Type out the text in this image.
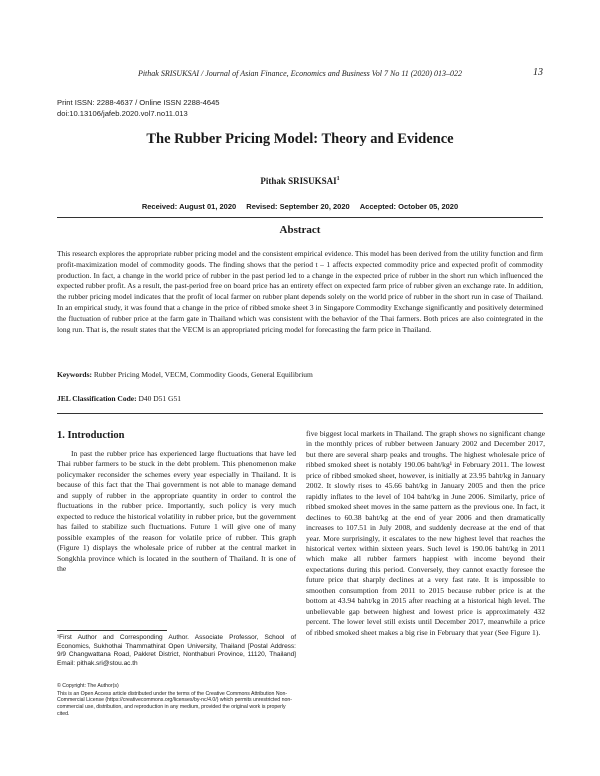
Pithak SRISUKSAI / Journal of Asian Finance, Economics and Business Vol 7 No 11 (2020) 013–022	13
Print ISSN: 2288-4637 / Online ISSN 2288-4645
doi:10.13106/jafeb.2020.vol7.no11.013
The Rubber Pricing Model: Theory and Evidence
Pithak SRISUKSAI$^1$
Received: August 01, 2020 Revised: September 20, 2020 Accepted: October 05, 2020
Abstract
This research explores the appropriate rubber pricing model and the consistent empirical evidence. This model has been derived from the utility function and firm profit-maximization model of commodity goods. The finding shows that the period t – 1 affects expected commodity price and expected profit of commodity production. In fact, a change in the world price of rubber in the past period led to a change in the expected price of rubber in the short run which influenced the expected rubber profit. As a result, the past-period free on board price has an entirety effect on expected farm price of rubber given an exchange rate. In addition, the rubber pricing model indicates that the profit of local farmer on rubber plant depends solely on the world price of rubber in the short run in case of Thailand. In an empirical study, it was found that a change in the price of ribbed smoke sheet 3 in Singapore Commodity Exchange significantly and positively determined the fluctuation of rubber price at the farm gate in Thailand which was consistent with the behavior of the Thai farmers. Both prices are also cointegrated in the long run. That is, the result states that the VECM is an appropriated pricing model for forecasting the farm price in Thailand.
Keywords: Rubber Pricing Model, VECM, Commodity Goods, General Equilibrium
JEL Classification Code: D40 D51 G51
1. Introduction

In past the rubber price has experienced large fluctuations that have led Thai rubber farmers to be stuck in the debt problem. This phenomenon make policymaker reconsider the schemes every year especially in Thailand. It is because of this fact that the Thai government is not able to manage demand and supply of rubber in the appropriate quantity in order to control the fluctuations in the rubber price. Importantly, such policy is very much expected to reduce the historical volatility in rubber price, but the government has failed to stabilize such fluctuations. Future 1 will give one of many possible examples of the reason for volatile price of rubber. This graph (Figure 1) displays the wholesale price of rubber at the central market in Songkhla province which is located in the southern of Thailand. It is one of the

five biggest local markets in Thailand. The graph shows no significant change in the monthly prices of rubber between January 2002 and December 2017, but there are several sharp peaks and troughs. The highest wholesale price of ribbed smoked sheet is notably 190.06 baht/kg¹ in February 2011. The lowest price of ribbed smoked sheet, however, is initially at 23.95 baht/kg in January 2002. It slowly rises to 45.66 baht/kg in January 2005 and then the price rapidly inflates to the level of 104 baht/kg in June 2006. Similarly, price of ribbed smoked sheet moves in the same pattern as the previous one. In fact, it declines to 60.38 baht/kg at the end of year 2006 and then dramatically increases to 107.51 in July 2008, and suddenly decrease at the end of that year. More surprisingly, it escalates to the new highest level that reaches the historical vertex within sixteen years. Such level is 190.06 baht/kg in 2011 which make all rubber farmers happiest with income beyond their expectations during this period. Conversely, they cannot exactly foresee the future price that sharply declines at a very fast rate. It is impossible to smoothen consumption from 2011 to 2015 because rubber price is at the bottom at 43.94 baht/kg in 2015 after reaching at a historical high level. The unbelievable gap between highest and lowest price is approximately 432 percent. The lower level still exists until December 2017, meanwhile a price of ribbed smoked sheet makes a big rise in February that year (See Figure 1).

¹First Author and Corresponding Author. Associate Professor, School of Economics, Sukhothai Thammathirat Open University, Thailand [Postal Address: 9/9 Changwattana Road, Pakkret District, Nonthaburi Province, 11120, Thailand] Email: pithak.sri@stou.ac.th
© Copyright: The Author(s)
This is an Open Access article distributed under the terms of the Creative Commons Attribution Non-Commercial License (https://creativecommons.org/licenses/by-nc/4.0/) which permits unrestricted non-commercial use, distribution, and reproduction in any medium, provided the original work is properly cited.
